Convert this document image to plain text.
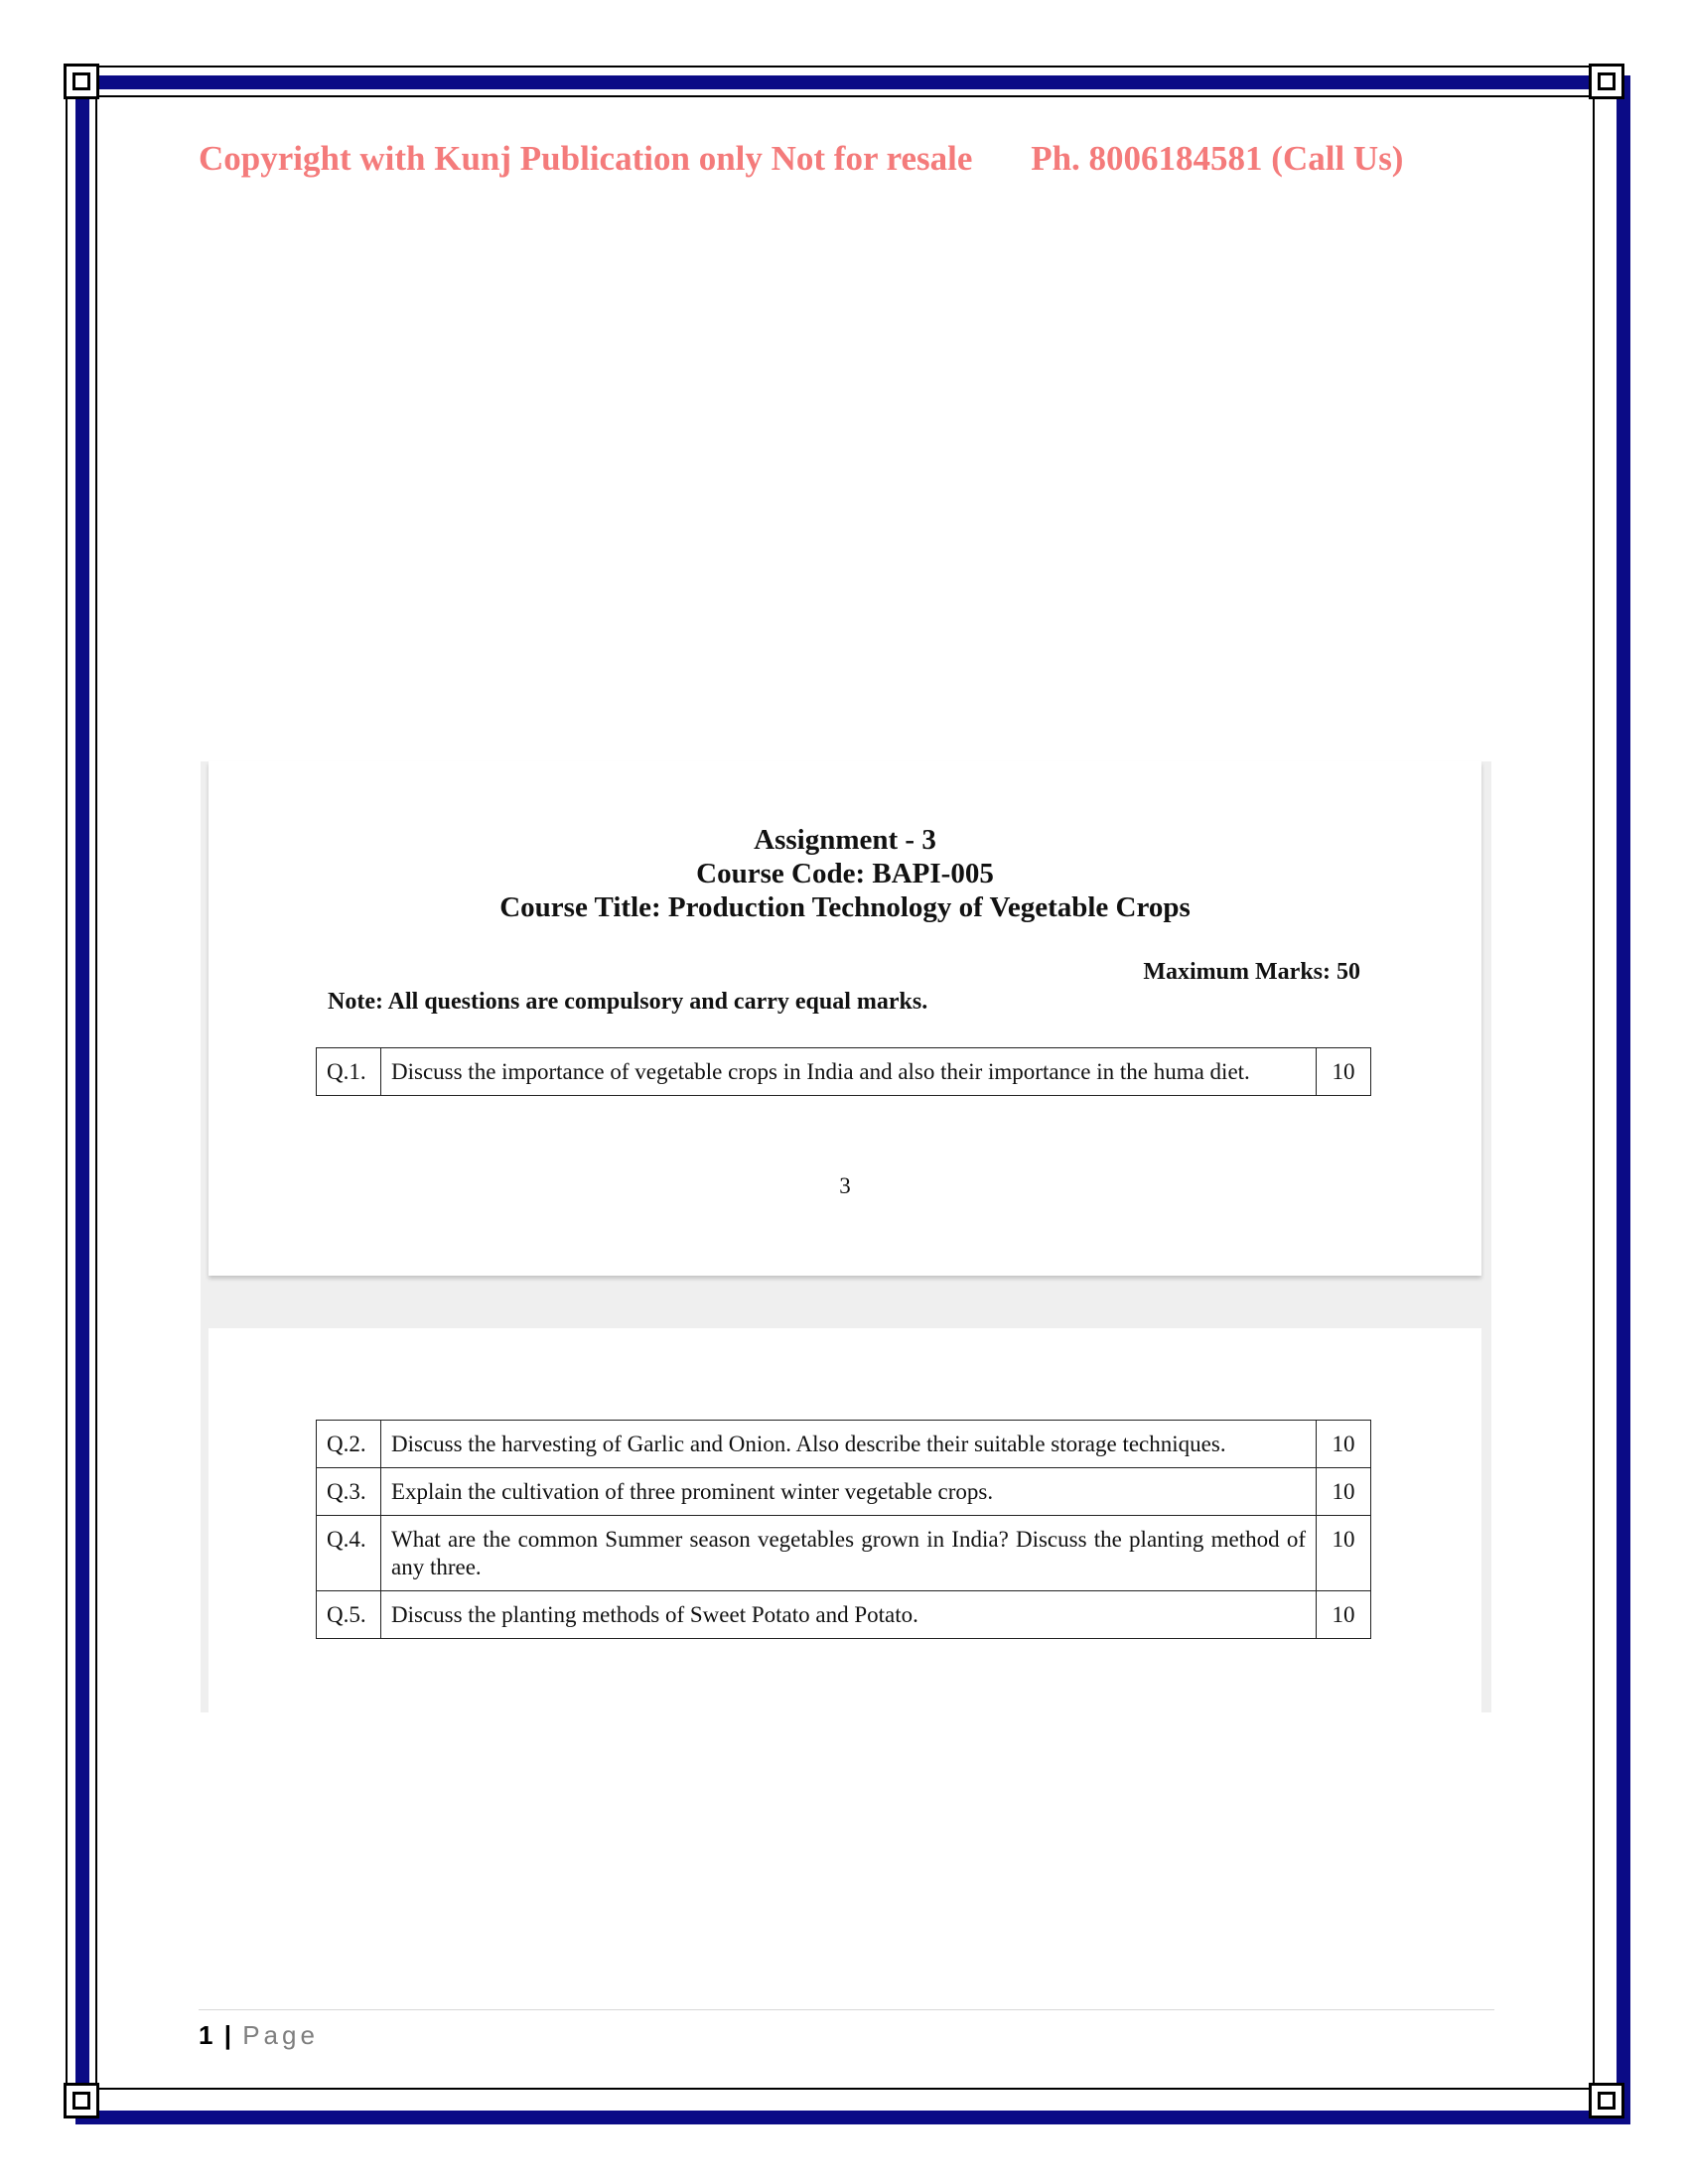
Copyright with Kunj Publication only Not for resale Ph. 8006184581 (Call Us)
Assignment - 3
Course Code: BAPI-005
Course Title: Production Technology of Vegetable Crops
Maximum Marks: 50
Note: All questions are compulsory and carry equal marks.
Q.1.	Discuss the importance of vegetable crops in India and also their importance in the huma diet.	10
3
Q.2.	Discuss the harvesting of Garlic and Onion. Also describe their suitable storage techniques.	10
Q.3.	Explain the cultivation of three prominent winter vegetable crops.	10
Q.4.	What are the common Summer season vegetables grown in India? Discuss the planting method of any three.	10
Q.5.	Discuss the planting methods of Sweet Potato and Potato.	10
1 | Page
